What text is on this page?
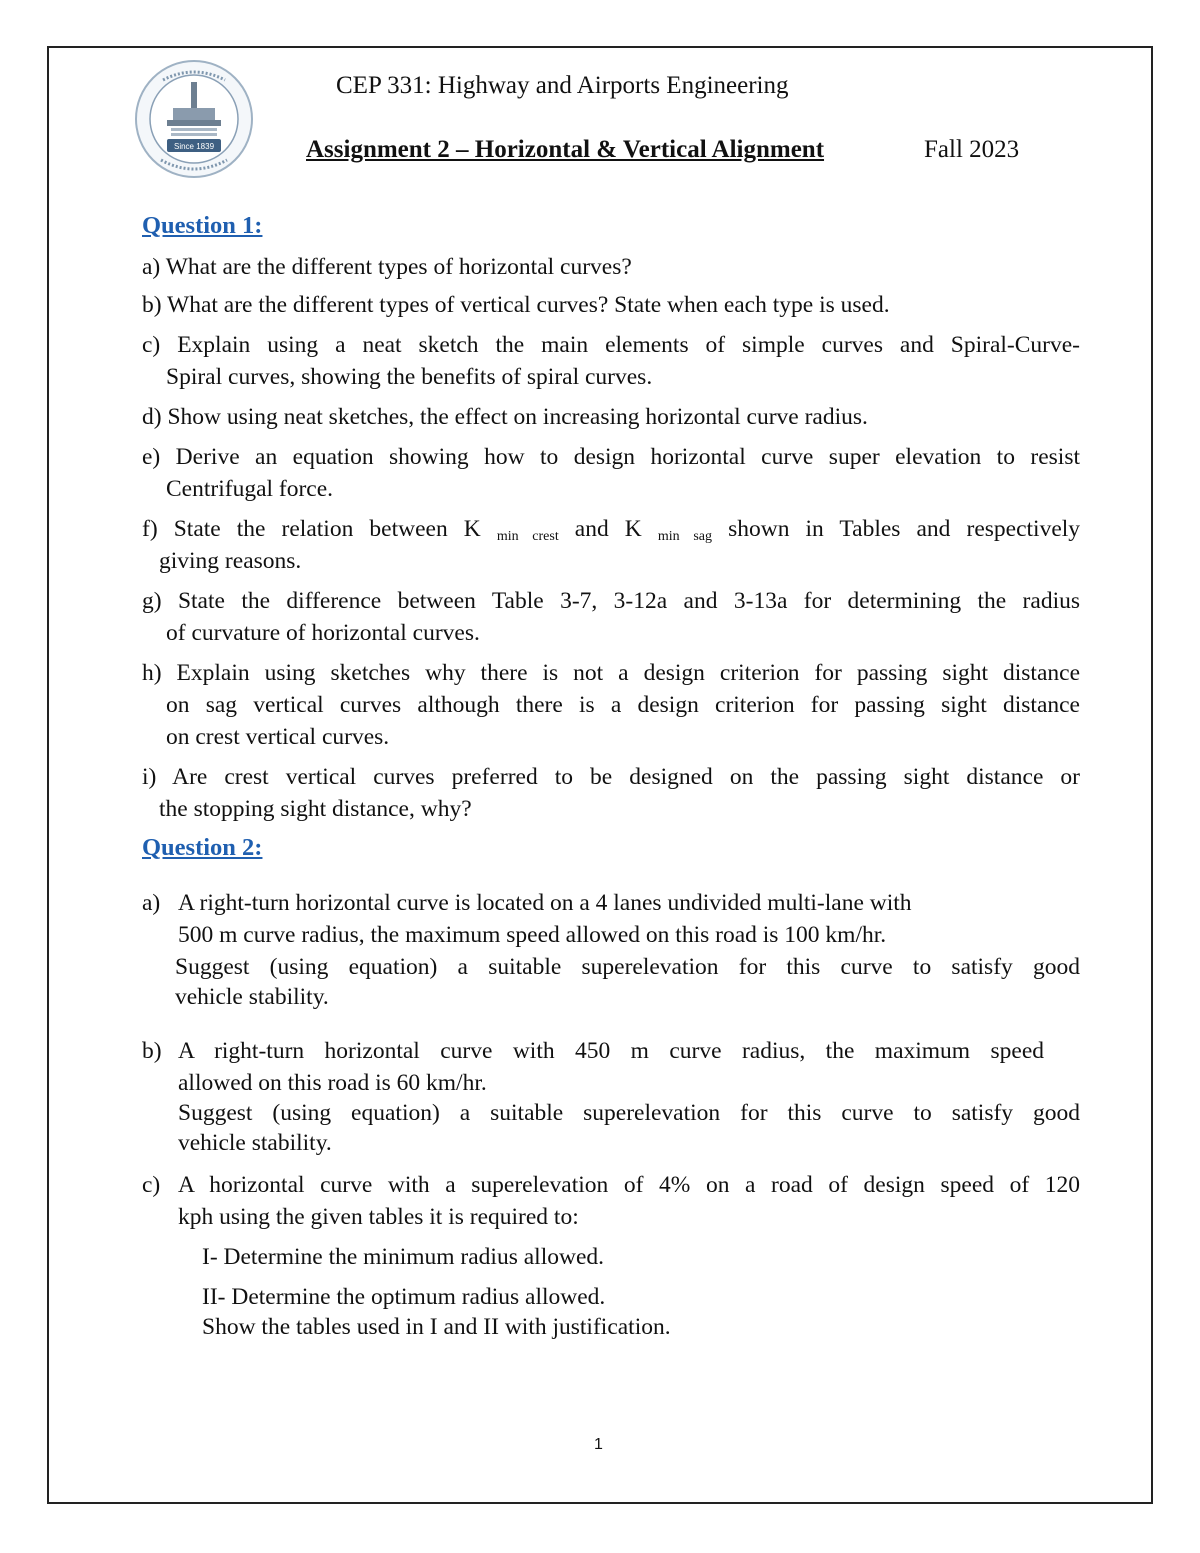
Since 1839
CEP 331: Highway and Airports Engineering
Assignment 2 – Horizontal & Vertical Alignment	Fall 2023
Question 1:
a) What are the different types of horizontal curves?
b) What are the different types of vertical curves? State when each type is used.
c) Explain using a neat sketch the main elements of simple curves and Spiral-Curve-
Spiral curves, showing the benefits of spiral curves.
d) Show using neat sketches, the effect on increasing horizontal curve radius.
e) Derive an equation showing how to design horizontal curve super elevation to resist
Centrifugal force.
f) State the relation between K $_{min crest}$ and K $_{min sag}$ shown in Tables and respectively
giving reasons.
g) State the difference between Table 3-7, 3-12a and 3-13a for determining the radius
of curvature of horizontal curves.
h) Explain using sketches why there is not a design criterion for passing sight distance
on sag vertical curves although there is a design criterion for passing sight distance
on crest vertical curves.
i) Are crest vertical curves preferred to be designed on the passing sight distance or
the stopping sight distance, why?
Question 2:
a) A right-turn horizontal curve is located on a 4 lanes undivided multi-lane with
500 m curve radius, the maximum speed allowed on this road is 100 km/hr.
Suggest (using equation) a suitable superelevation for this curve to satisfy good
vehicle stability.
b) A right-turn horizontal curve with 450 m curve radius, the maximum speed
allowed on this road is 60 km/hr.
Suggest (using equation) a suitable superelevation for this curve to satisfy good
vehicle stability.
c) A horizontal curve with a superelevation of 4% on a road of design speed of 120
kph using the given tables it is required to:
I- Determine the minimum radius allowed.
II- Determine the optimum radius allowed.
Show the tables used in I and II with justification.
1
